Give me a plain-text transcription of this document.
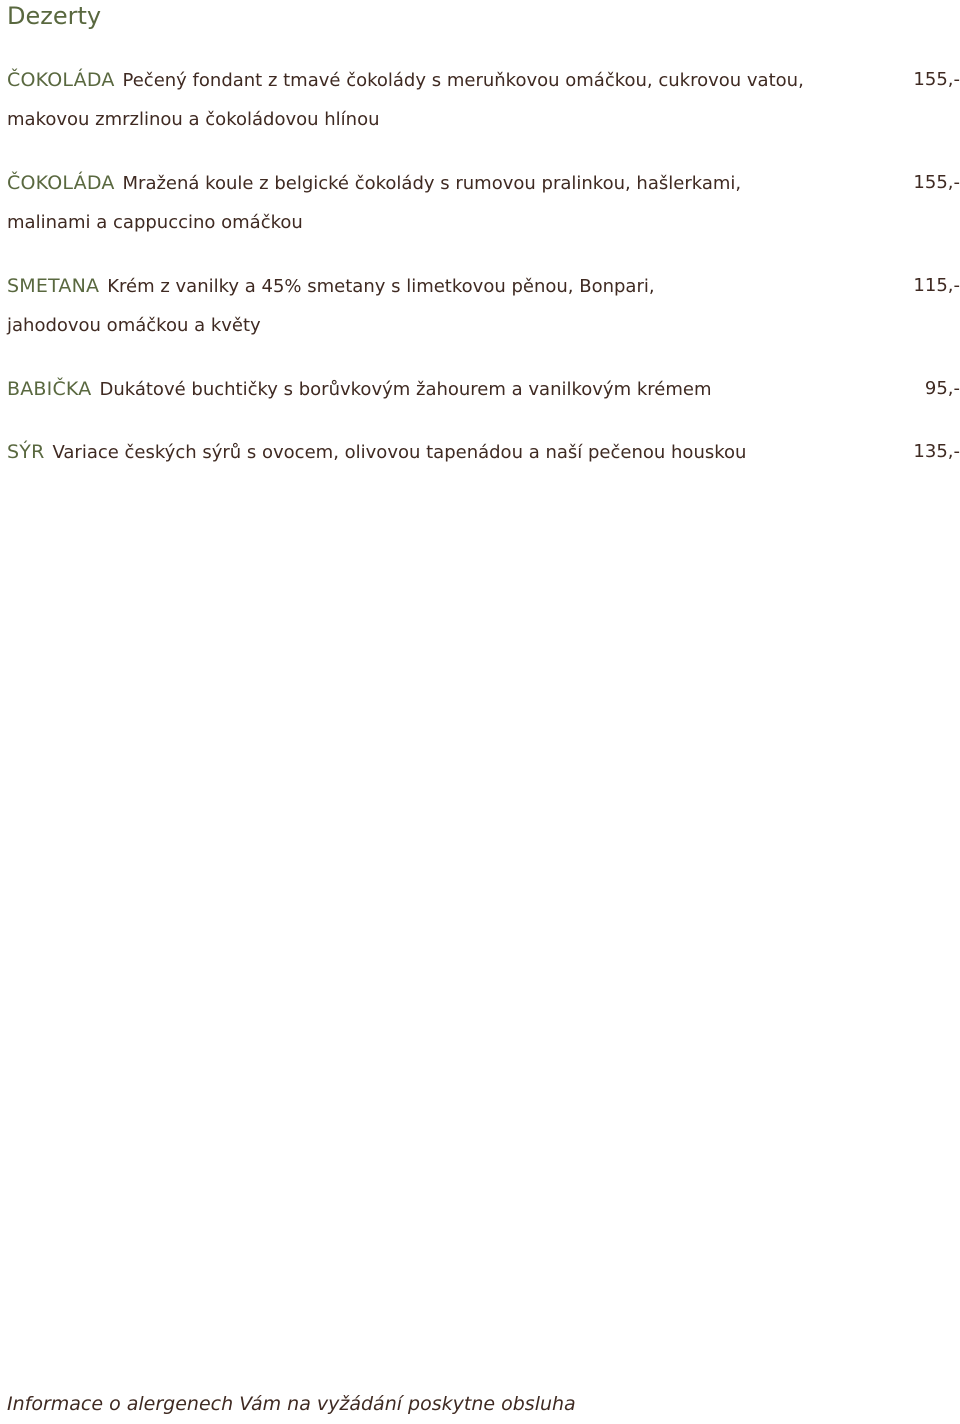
Dezerty
ČOKOLÁDA Pečený fondant z tmavé čokolády s meruňkovou omáčkou, cukrovou vatou,	155,-
makovou zmrzlinou a čokoládovou hlínou
ČOKOLÁDA Mražená koule z belgické čokolády s rumovou pralinkou, hašlerkami,	155,-
malinami a cappuccino omáčkou
SMETANA Krém z vanilky a 45% smetany s limetkovou pěnou, Bonpari,	115,-
jahodovou omáčkou a květy
BABIČKA Dukátové buchtičky s borůvkovým žahourem a vanilkovým krémem	95,-
SÝR Variace českých sýrů s ovocem, olivovou tapenádou a naší pečenou houskou	135,-
Informace o alergenech Vám na vyžádání poskytne obsluha
